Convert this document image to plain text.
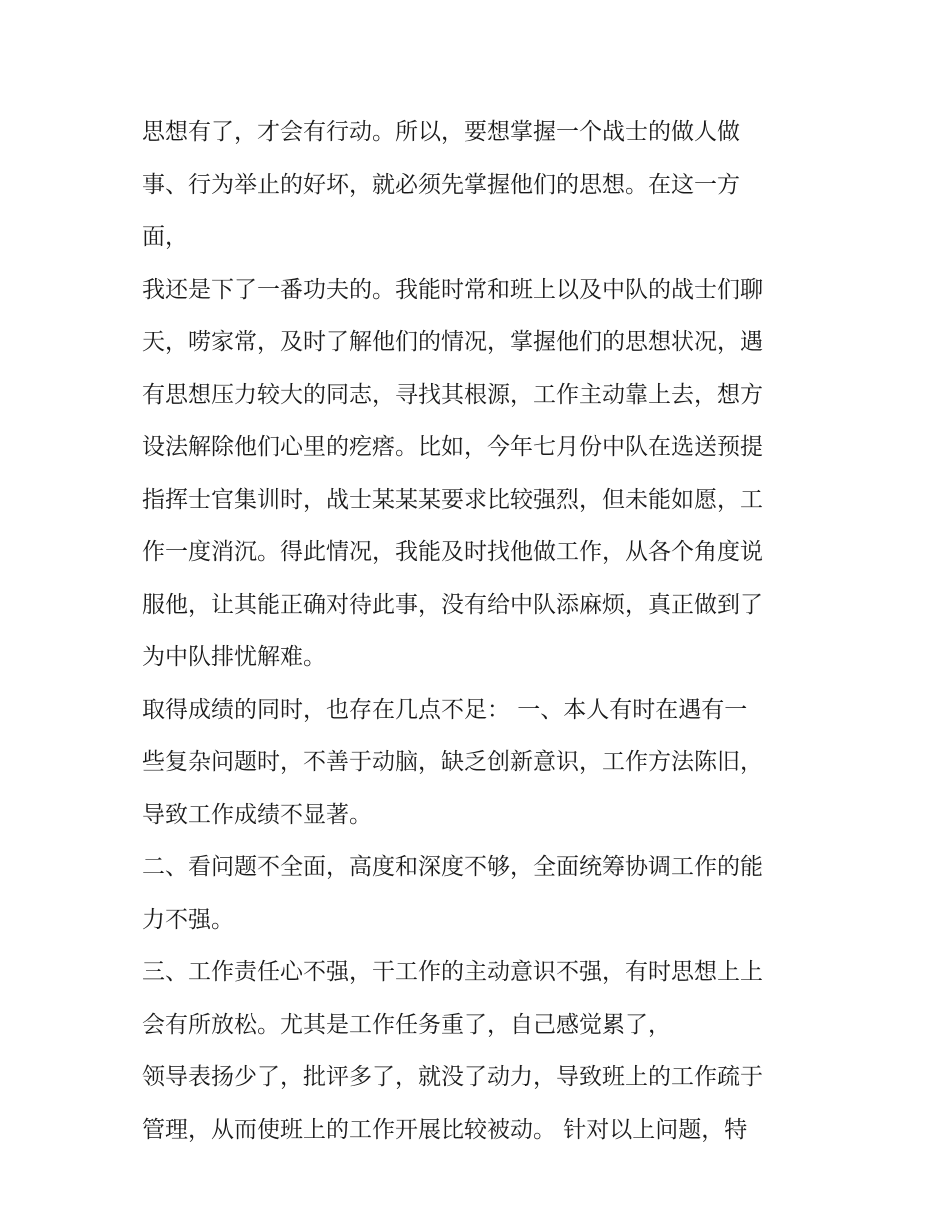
思想有了，才会有行动。所以，要想掌握一个战士的做人做
事、行为举止的好坏，就必须先掌握他们的思想。在这一方
面，
我还是下了一番功夫的。我能时常和班上以及中队的战士们聊
天，唠家常，及时了解他们的情况，掌握他们的思想状况，遇
有思想压力较大的同志，寻找其根源，工作主动靠上去，想方
设法解除他们心里的疙瘩。比如，今年七月份中队在选送预提
指挥士官集训时，战士某某某要求比较强烈，但未能如愿，工
作一度消沉。得此情况，我能及时找他做工作，从各个角度说
服他，让其能正确对待此事，没有给中队添麻烦，真正做到了
为中队排忧解难。
取得成绩的同时，也存在几点不足： 一、本人有时在遇有一
些复杂问题时，不善于动脑，缺乏创新意识，工作方法陈旧，
导致工作成绩不显著。
二、看问题不全面，高度和深度不够，全面统筹协调工作的能
力不强。
三、工作责任心不强，干工作的主动意识不强，有时思想上上
会有所放松。尤其是工作任务重了，自己感觉累了，
领导表扬少了，批评多了，就没了动力，导致班上的工作疏于
管理，从而使班上的工作开展比较被动。 针对以上问题，特
